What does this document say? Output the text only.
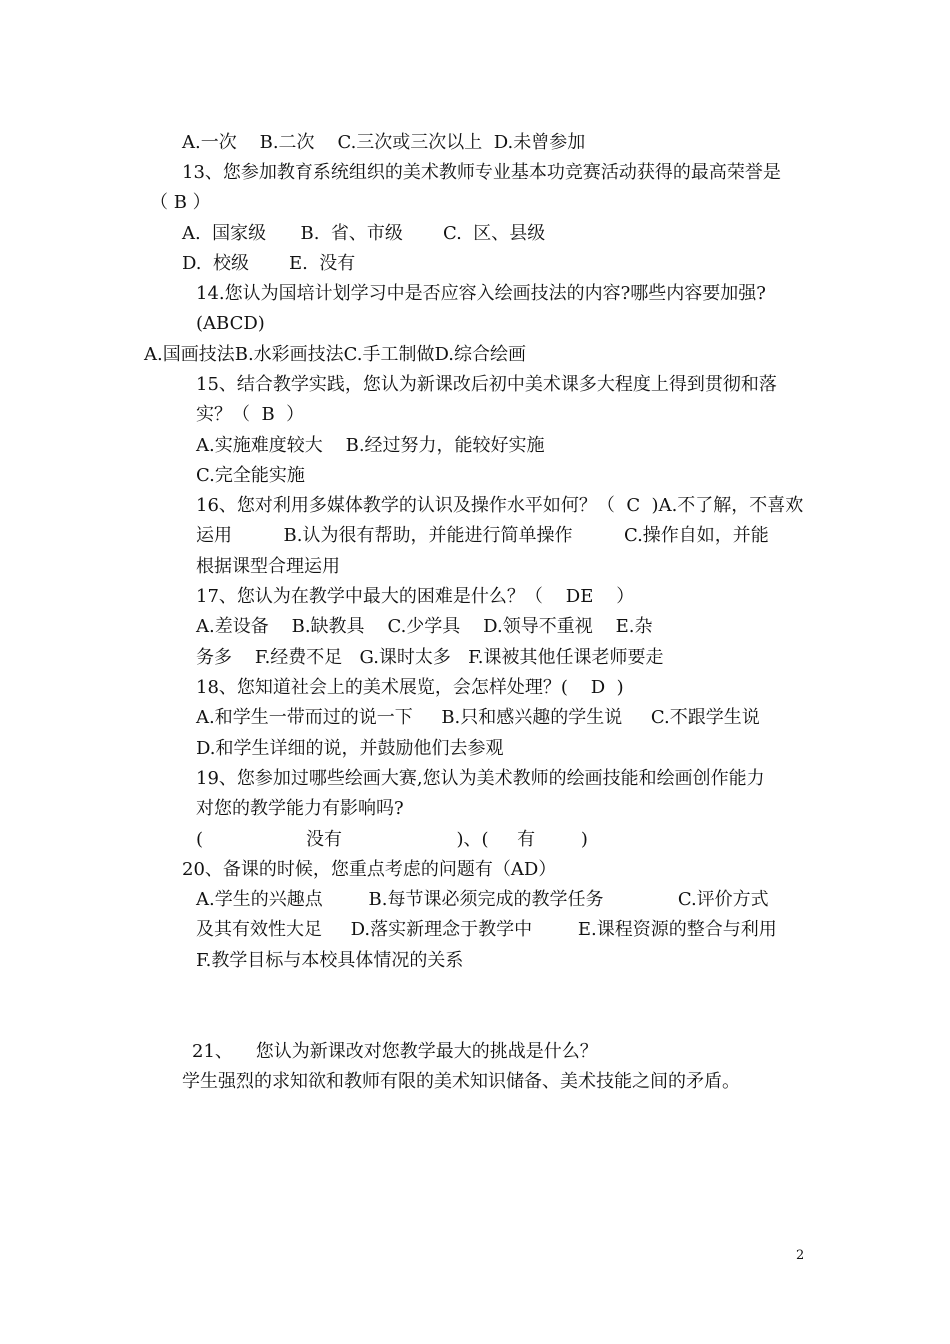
A.一次    B.二次    C.三次或三次以上  D.未曾参加

13、您参加教育系统组织的美术教师专业基本功竞赛活动获得的最高荣誉是

（ B ）

A.  国家级      B.  省、市级       C.  区、县级

D.  校级       E.  没有

14.您认为国培计划学习中是否应容入绘画技法的内容?哪些内容要加强?

(ABCD)

A.国画技法B.水彩画技法C.手工制做D.综合绘画

15、结合教学实践，您认为新课改后初中美术课多大程度上得到贯彻和落

实？（  B  ）

A.实施难度较大    B.经过努力，能较好实施

C.完全能实施

16、您对利用多媒体教学的认识及操作水平如何？（  C  )A.不了解，不喜欢

运用         B.认为很有帮助，并能进行简单操作         C.操作自如，并能

根据课型合理运用

17、您认为在教学中最大的困难是什么？（    DE    ）

A.差设备    B.缺教具    C.少学具    D.领导不重视    E.杂

务多    F.经费不足   G.课时太多   F.课被其他任课老师要走

18、您知道社会上的美术展览，会怎样处理？(    D  )

A.和学生一带而过的说一下     B.只和感兴趣的学生说     C.不跟学生说

D.和学生详细的说，并鼓励他们去参观

19、您参加过哪些绘画大赛,您认为美术教师的绘画技能和绘画创作能力

对您的教学能力有影响吗?

(                  没有                    )、(     有        )

20、备课的时候，您重点考虑的问题有（AD）

A.学生的兴趣点        B.每节课必须完成的教学任务             C.评价方式

及其有效性大足     D.落实新理念于教学中        E.课程资源的整合与利用

F.教学目标与本校具体情况的关系

21、    您认为新课改对您教学最大的挑战是什么？

学生强烈的求知欲和教师有限的美术知识储备、美术技能之间的矛盾。

2
